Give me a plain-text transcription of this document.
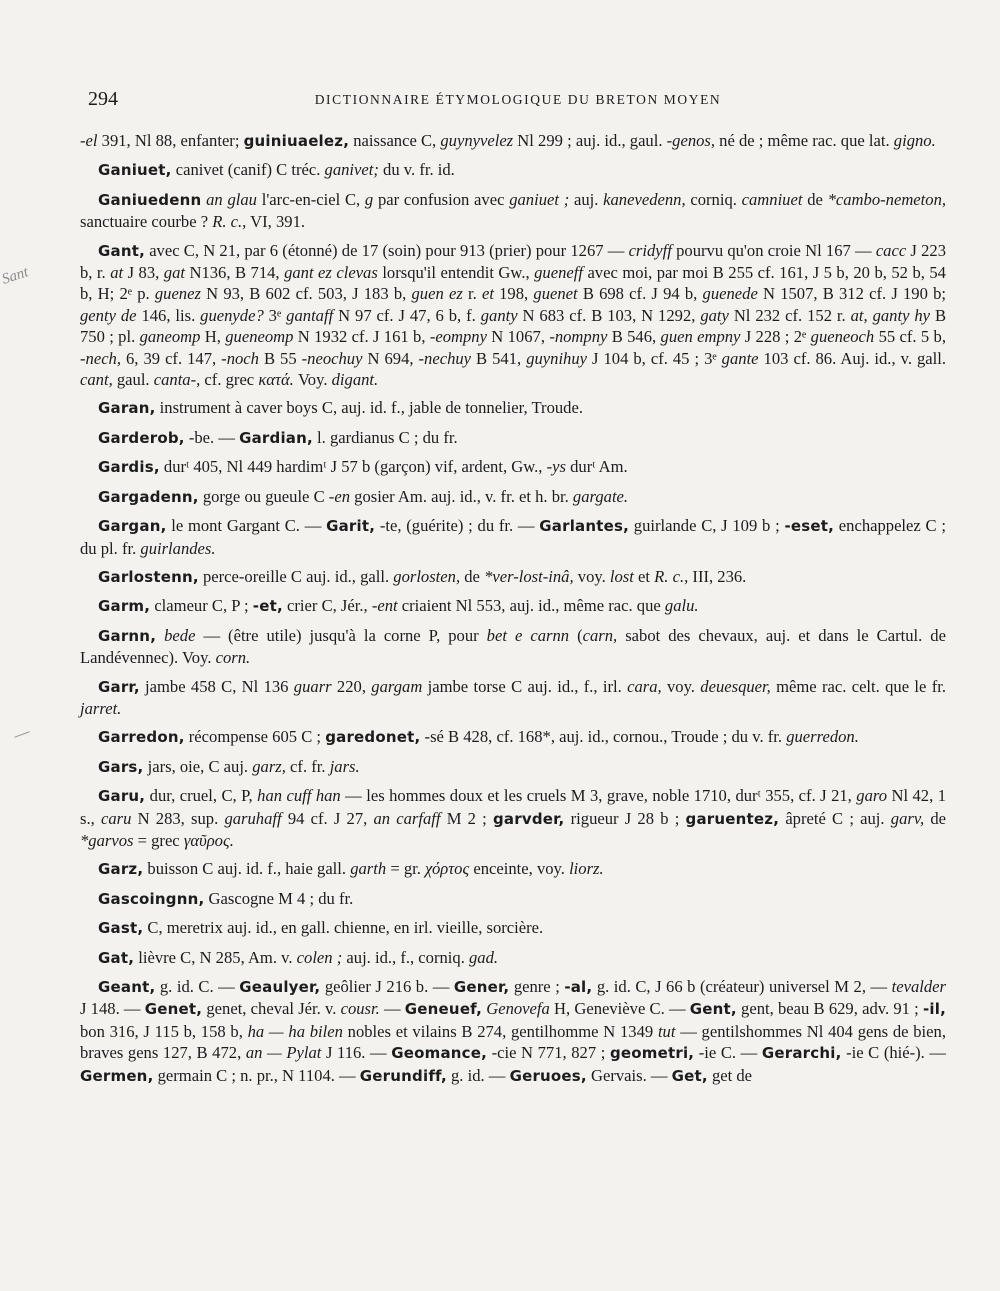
294	DICTIONNAIRE ÉTYMOLOGIQUE DU BRETON MOYEN
Sant

-el 391, Nl 88, enfanter; guiniuaelez, naissance C, guynyvelez Nl 299 ; auj. id., gaul. -genos, né de ; même rac. que lat. gigno.

Ganiuet, canivet (canif) C tréc. ganivet; du v. fr. id.

Ganiuedenn an glau l'arc-en-ciel C, g par confusion avec ganiuet ; auj. kanevedenn, corniq. camniuet de *cambo-nemeton, sanctuaire courbe ? R. c., VI, 391.

Gant, avec C, N 21, par 6 (étonné) de 17 (soin) pour 913 (prier) pour 1267 — cridyff pourvu qu'on croie Nl 167 — cacc J 223 b, r. at J 83, gat N136, B 714, gant ez clevas lorsqu'il entendit Gw., gueneff avec moi, par moi B 255 cf. 161, J 5 b, 20 b, 52 b, 54 b, H; 2ᵉ p. guenez N 93, B 602 cf. 503, J 183 b, guen ez r. et 198, guenet B 698 cf. J 94 b, guenede N 1507, B 312 cf. J 190 b; genty de 146, lis. guenyde? 3ᵉ gantaff N 97 cf. J 47, 6 b, f. ganty N 683 cf. B 103, N 1292, gaty Nl 232 cf. 152 r. at, ganty hy B 750 ; pl. ganeomp H, gueneomp N 1932 cf. J 161 b, -eompny N 1067, -nompny B 546, guen empny J 228 ; 2ᵉ gueneoch 55 cf. 5 b, -nech, 6, 39 cf. 147, -noch B 55 -neochuy N 694, -nechuy B 541, guynihuy J 104 b, cf. 45 ; 3ᵉ gante 103 cf. 86. Auj. id., v. gall. cant, gaul. canta-, cf. grec κατά. Voy. digant.

Garan, instrument à caver boys C, auj. id. f., jable de tonnelier, Troude.

Garderob, -be. — Gardian, l. gardianus C ; du fr.

Gardis, durᵗ 405, Nl 449 hardimᵗ J 57 b (garçon) vif, ardent, Gw., -ys durᵗ Am.

Gargadenn, gorge ou gueule C -en gosier Am. auj. id., v. fr. et h. br. gargate.

Gargan, le mont Gargant C. — Garit, -te, (guérite) ; du fr. — Garlantes, guirlande C, J 109 b ; -eset, enchappelez C ; du pl. fr. guirlandes.

Garlostenn, perce-oreille C auj. id., gall. gorlosten, de *ver-lost-inâ, voy. lost et R. c., III, 236.

Garm, clameur C, P ; -et, crier C, Jér., -ent criaient Nl 553, auj. id., même rac. que galu.

Garnn, bede — (être utile) jusqu'à la corne P, pour bet e carnn (carn, sabot des chevaux, auj. et dans le Cartul. de Landévennec). Voy. corn.

Garr, jambe 458 C, Nl 136 guarr 220, gargam jambe torse C auj. id., f., irl. cara, voy. deuesquer, même rac. celt. que le fr. jarret.

Garredon, récompense 605 C ; garedonet, -sé B 428, cf. 168*, auj. id., cornou., Troude ; du v. fr. guerredon.

Gars, jars, oie, C auj. garz, cf. fr. jars.

Garu, dur, cruel, C, P, han cuff han — les hommes doux et les cruels M 3, grave, noble 1710, durᵗ 355, cf. J 21, garo Nl 42, 1 s., caru N 283, sup. garuhaff 94 cf. J 27, an carfaff M 2 ; garvder, rigueur J 28 b ; garuentez, âpreté C ; auj. garv, de *garvos = grec γαῦρος.

Garz, buisson C auj. id. f., haie gall. garth = gr. χόρτος enceinte, voy. liorz.

Gascoingnn, Gascogne M 4 ; du fr.

Gast, C, meretrix auj. id., en gall. chienne, en irl. vieille, sorcière.

Gat, lièvre C, N 285, Am. v. colen ; auj. id., f., corniq. gad.

Geant, g. id. C. — Geaulyer, geôlier J 216 b. — Gener, genre ; -al, g. id. C, J 66 b (créateur) universel M 2, — tevalder J 148. — Genet, genet, cheval Jér. v. cousr. — Geneuef, Genovefa H, Geneviève C. — Gent, gent, beau B 629, adv. 91 ; -il, bon 316, J 115 b, 158 b, ha — ha bilen nobles et vilains B 274, gentilhomme N 1349 tut — gentilshommes Nl 404 gens de bien, braves gens 127, B 472, an — Pylat J 116. — Geomance, -cie N 771, 827 ; geometri, -ie C. — Gerarchi, -ie C (hié-). — Germen, germain C ; n. pr., N 1104. — Gerundiff, g. id. — Geruoes, Gervais. — Get, get de
